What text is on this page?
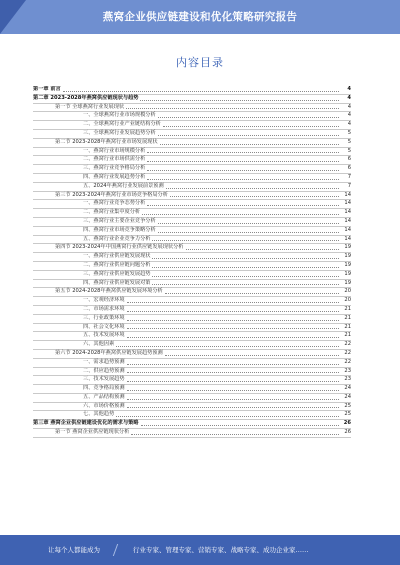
燕窝企业供应链建设和优化策略研究报告
内容目录
第一章 前言	4
第二章 2023-2028年燕窝供应链现状与趋势	4
第一节 全球燕窝行业发展现状	4
一、全球燕窝行业市场规模分析	4
二、全球燕窝行业产业链结构分析	4
三、全球燕窝行业发展趋势分析	5
第二节 2023-2028年燕窝行业市场发展现状	5
一、燕窝行业市场规模分析	5
二、燕窝行业市场供需分析	6
三、燕窝行业竞争格局分析	6
四、燕窝行业发展趋势分析	7
五、2024年燕窝行业发展前景预测	7
第三节 2023-2024年燕窝行业市场竞争格局分析	14
一、燕窝行业竞争态势分析	14
二、燕窝行业集中度分析	14
三、燕窝行业主要企业竞争分析	14
四、燕窝行业市场竞争策略分析	14
五、燕窝行业企业竞争力分析	14
第四节 2023-2024年中国燕窝行业供应链发展现状分析	19
一、燕窝行业供应链发展现状	19
二、燕窝行业供应链问题分析	19
三、燕窝行业供应链发展趋势	19
四、燕窝行业供应链发展对策	19
第五节 2024-2028年燕窝供应链发展环境分析	20
一、宏观经济环境	20
二、市场需求环境	21
三、行业政策环境	21
四、社会文化环境	21
五、技术发展环境	21
六、其他因素	22
第六节 2024-2028年燕窝供应链发展趋势预测	22
一、需求趋势预测	22
二、供应趋势预测	23
三、技术发展趋势	23
四、竞争格局预测	24
五、产品结构预测	24
六、市场价格预测	25
七、其他趋势	25
第三章 燕窝企业供应链建设优化的需求与策略	26
第一节 燕窝企业供应链现状分析	26
让每个人都能成为	行业专家、管理专家、营销专家、战略专家、成功企业家……
